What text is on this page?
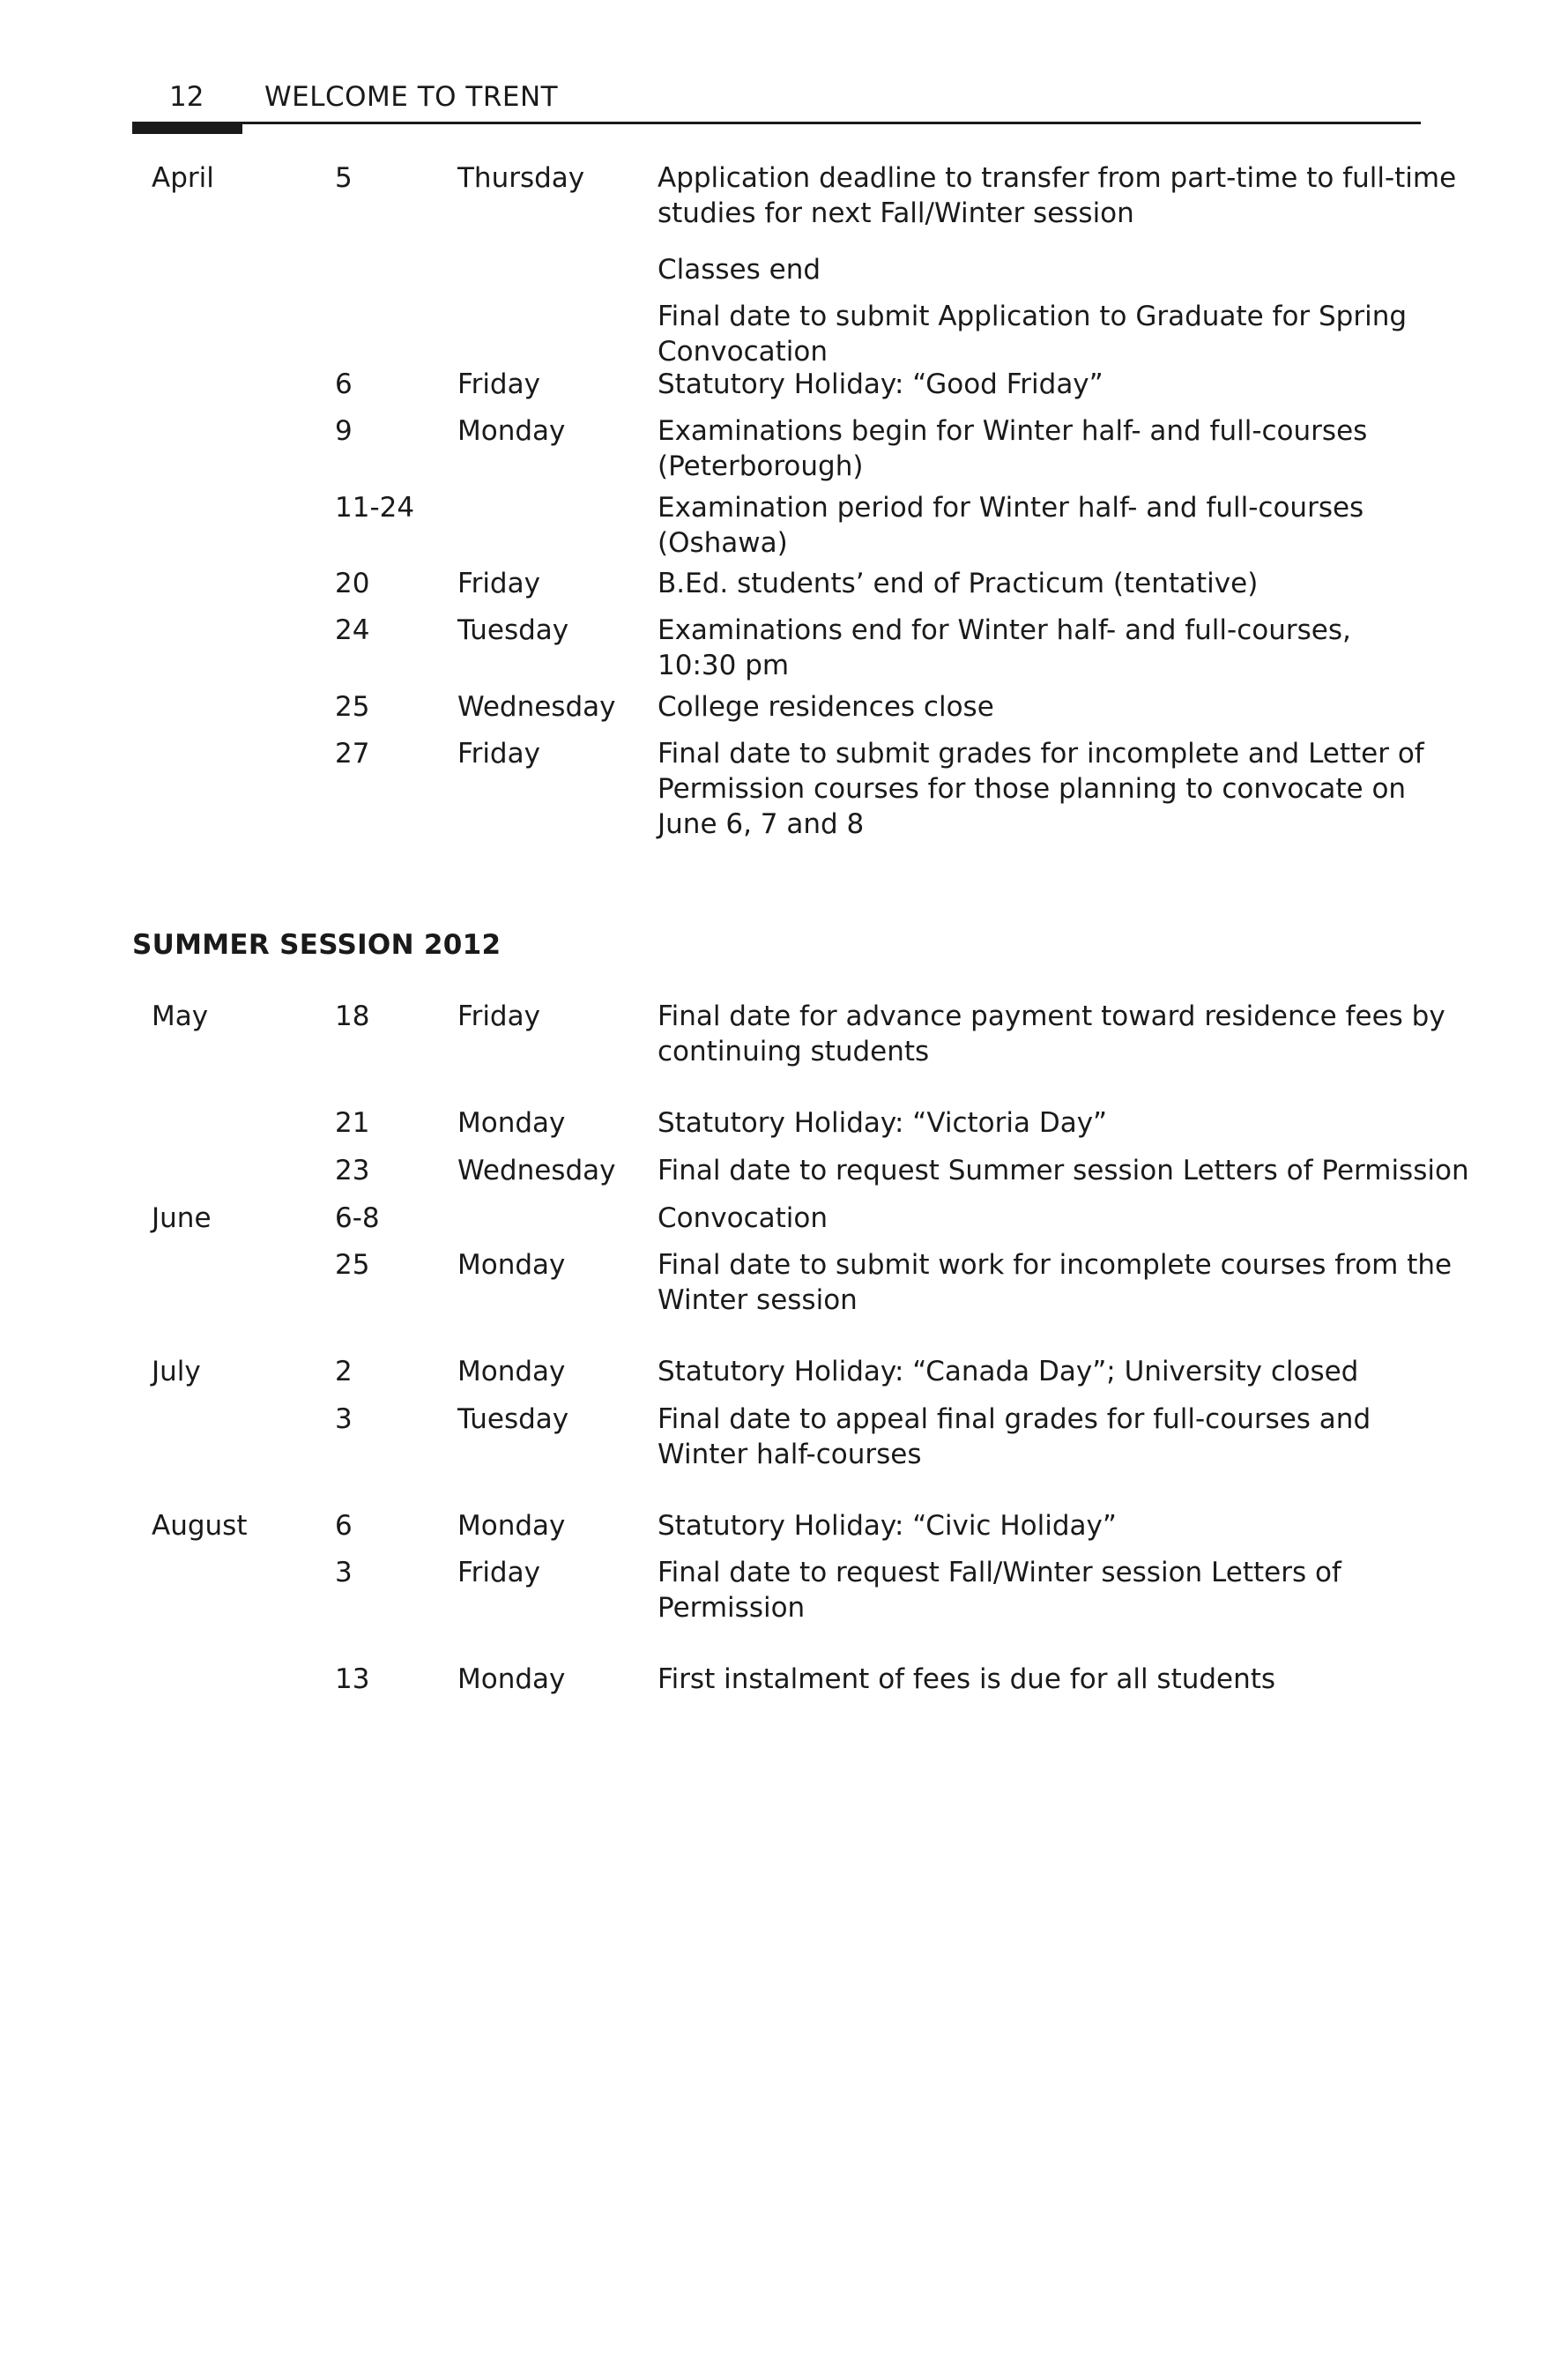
12 WELCOME TO TRENT
April	5	Thursday	Application deadline to transfer from part-time to full-time
studies for next Fall/Winter session
Classes end
Final date to submit Application to Graduate for Spring
Convocation
6	Friday	Statutory Holiday: “Good Friday”
9	Monday	Examinations begin for Winter half- and full-courses
(Peterborough)
11-24	Examination period for Winter half- and full-courses
(Oshawa)
20	Friday	B.Ed. students’ end of Practicum (tentative)
24	Tuesday	Examinations end for Winter half- and full-courses,
10:30 pm
25	Wednesday College residences close
27	Friday	Final date to submit grades for incomplete and Letter of
Permission courses for those planning to convocate on
June 6, 7 and 8
SUMMER SESSION 2012
May	18	Friday	Final date for advance payment toward residence fees by
continuing students
21	Monday	Statutory Holiday: “Victoria Day”
23	Wednesday Final date to request Summer session Letters of Permission
June	6-8	Convocation
25	Monday	Final date to submit work for incomplete courses from the
Winter session
July	2	Monday	Statutory Holiday: “Canada Day”; University closed
3	Tuesday	Final date to appeal final grades for full-courses and
Winter half-courses
August	6	Monday	Statutory Holiday: “Civic Holiday”
3	Friday	Final date to request Fall/Winter session Letters of
Permission
13	Monday	First instalment of fees is due for all students
